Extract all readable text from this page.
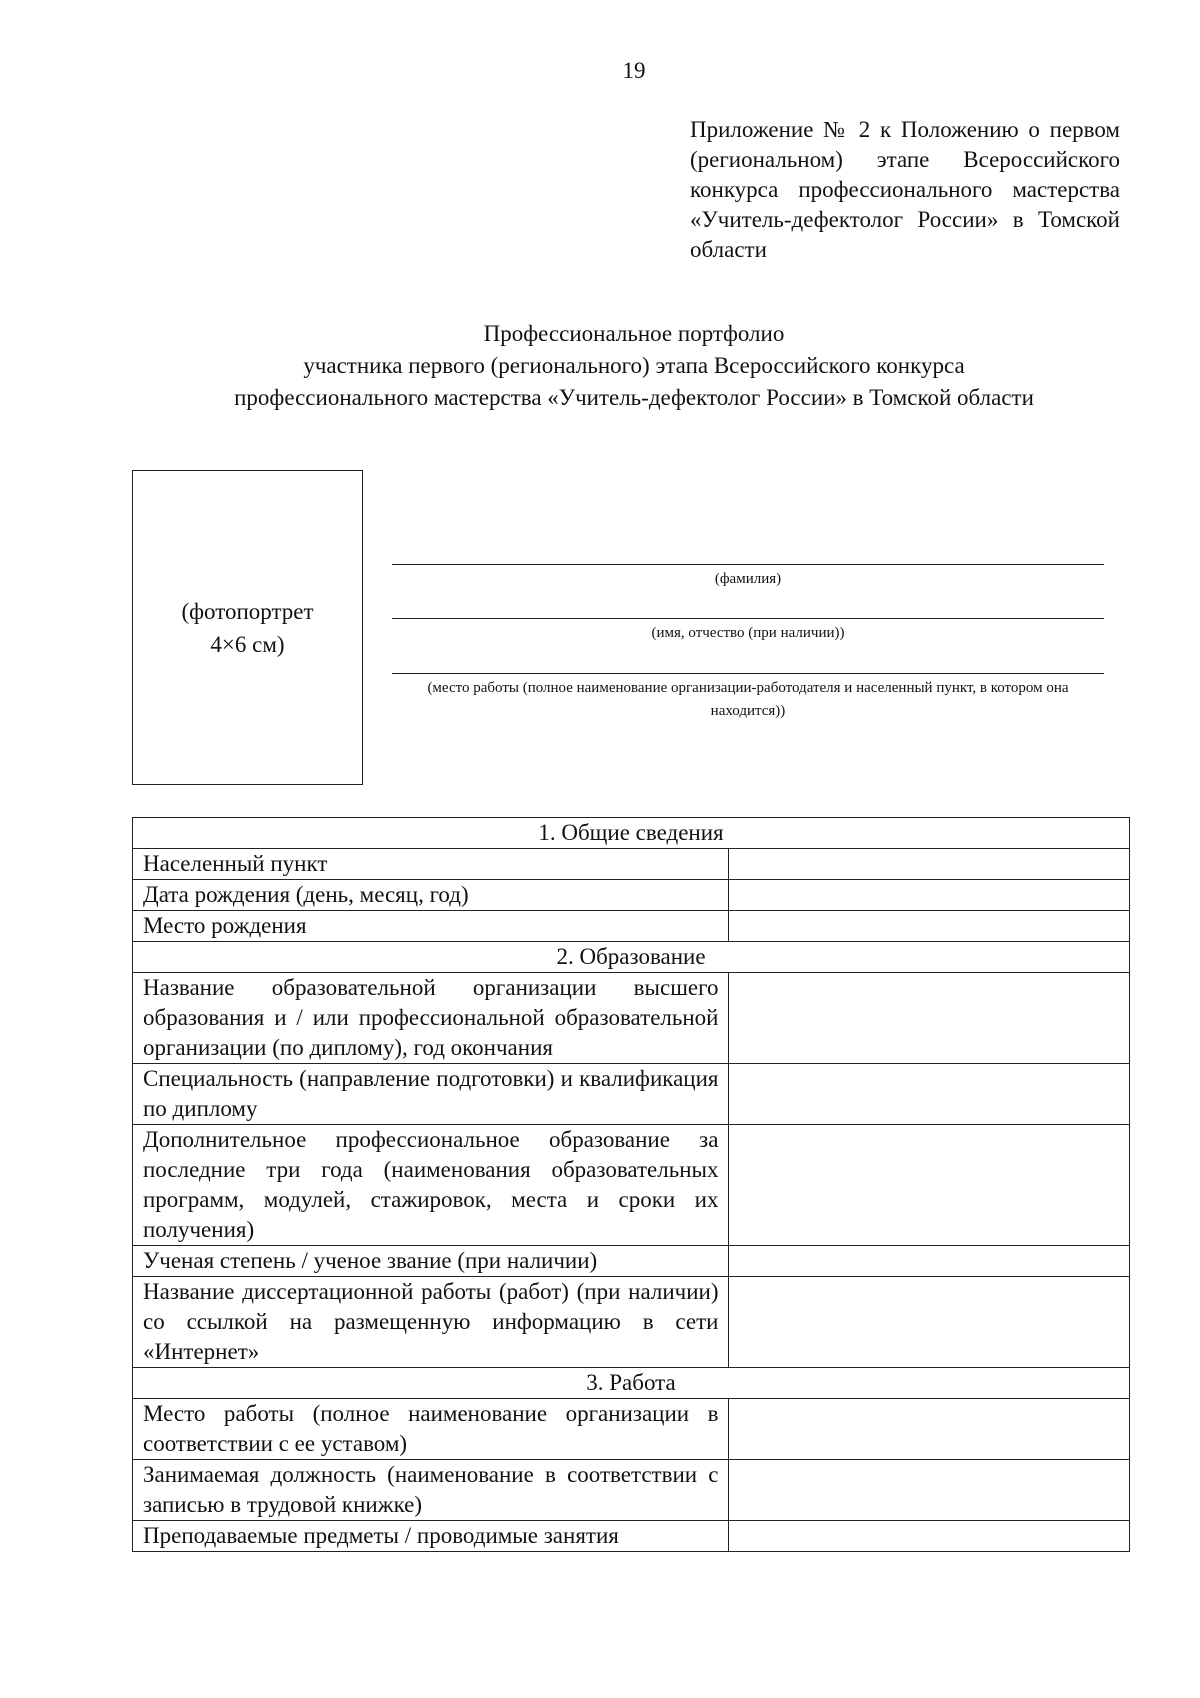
19
Приложение № 2 к Положению о первом (региональном) этапе Всероссийского конкурса профессионального мастерства «Учитель-дефектолог России» в Томской области
Профессиональное портфолио
участника первого (регионального) этапа Всероссийского конкурса
профессионального мастерства «Учитель-дефектолог России» в Томской области
(фотопортрет
4×6 см)
(фамилия)
(имя, отчество (при наличии))
(место работы (полное наименование организации-работодателя и населенный пункт, в котором она находится))
1. Общие сведения	
Населенный пункт	
Дата рождения (день, месяц, год)	
Место рождения	
2. Образование	
Название образовательной организации высшего образования и / или профессиональной образовательной организации (по диплому), год окончания	
Специальность (направление подготовки) и квалификация по диплому	
Дополнительное профессиональное образование за последние три года (наименования образовательных программ, модулей, стажировок, места и сроки их получения)	
Ученая степень / ученое звание (при наличии)	
Название диссертационной работы (работ) (при наличии) со ссылкой на размещенную информацию в сети «Интернет»	
3. Работа	
Место работы (полное наименование организации в соответствии с ее уставом)	
Занимаемая должность (наименование в соответствии с записью в трудовой книжке)	
Преподаваемые предметы / проводимые занятия	
